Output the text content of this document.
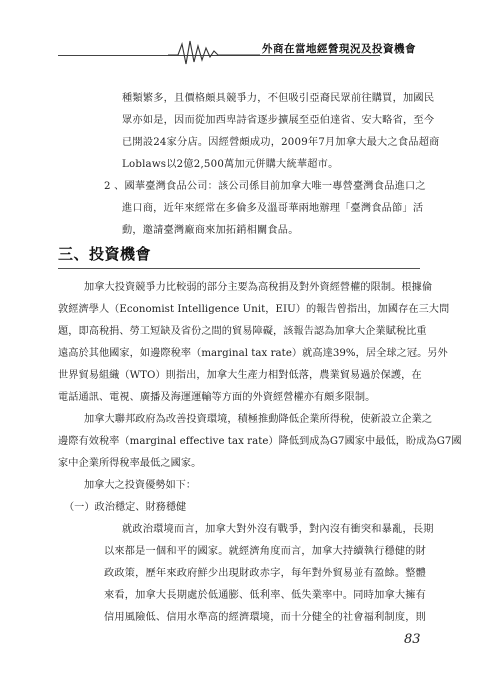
外商在當地經營現況及投資機會
種類繁多，且價格頗具競爭力，不但吸引亞裔民眾前往購買，加國民
眾亦如是，因而從加西卑詩省逐步擴展至亞伯達省、安大略省，至今
已開設24家分店。因經營頗成功，2009年7月加拿大最大之食品超商
Loblaws以2億2,500萬加元併購大統華超市。
2 、國華臺灣食品公司：該公司係目前加拿大唯一專營臺灣食品進口之
進口商，近年來經常在多倫多及溫哥華兩地辦理「臺灣食品節」活
動，邀請臺灣廠商來加拓銷相關食品。
三、投資機會
加拿大投資競爭力比較弱的部分主要為高稅捐及對外資經營權的限制。根據倫
敦經濟學人（Economist Intelligence Unit，EIU）的報告曾指出，加國存在三大問
題，即高稅捐、勞工短缺及省份之間的貿易障礙，該報告認為加拿大企業賦稅比重
遠高於其他國家，如邊際稅率（marginal tax rate）就高達39%，居全球之冠。另外
世界貿易組織（WTO）則指出，加拿大生產力相對低落，農業貿易過於保護，在
電話通訊、電視、廣播及海運運輸等方面的外資經營權亦有頗多限制。
加拿大聯邦政府為改善投資環境，積極推動降低企業所得稅，使新設立企業之
邊際有效稅率（marginal effective tax rate）降低到成為G7國家中最低，盼成為G7國
家中企業所得稅率最低之國家。
加拿大之投資優勢如下：
（一）政治穩定、財務穩健
就政治環境而言，加拿大對外沒有戰爭，對內沒有衝突和暴亂，長期
以來都是一個和平的國家。就經濟角度而言，加拿大持續執行穩健的財
政政策，歷年來政府鮮少出現財政赤字，每年對外貿易並有盈餘。整體
來看，加拿大長期處於低通膨、低利率、低失業率中。同時加拿大擁有
信用風險低、信用水準高的經濟環境，而十分健全的社會福利制度，則
83
